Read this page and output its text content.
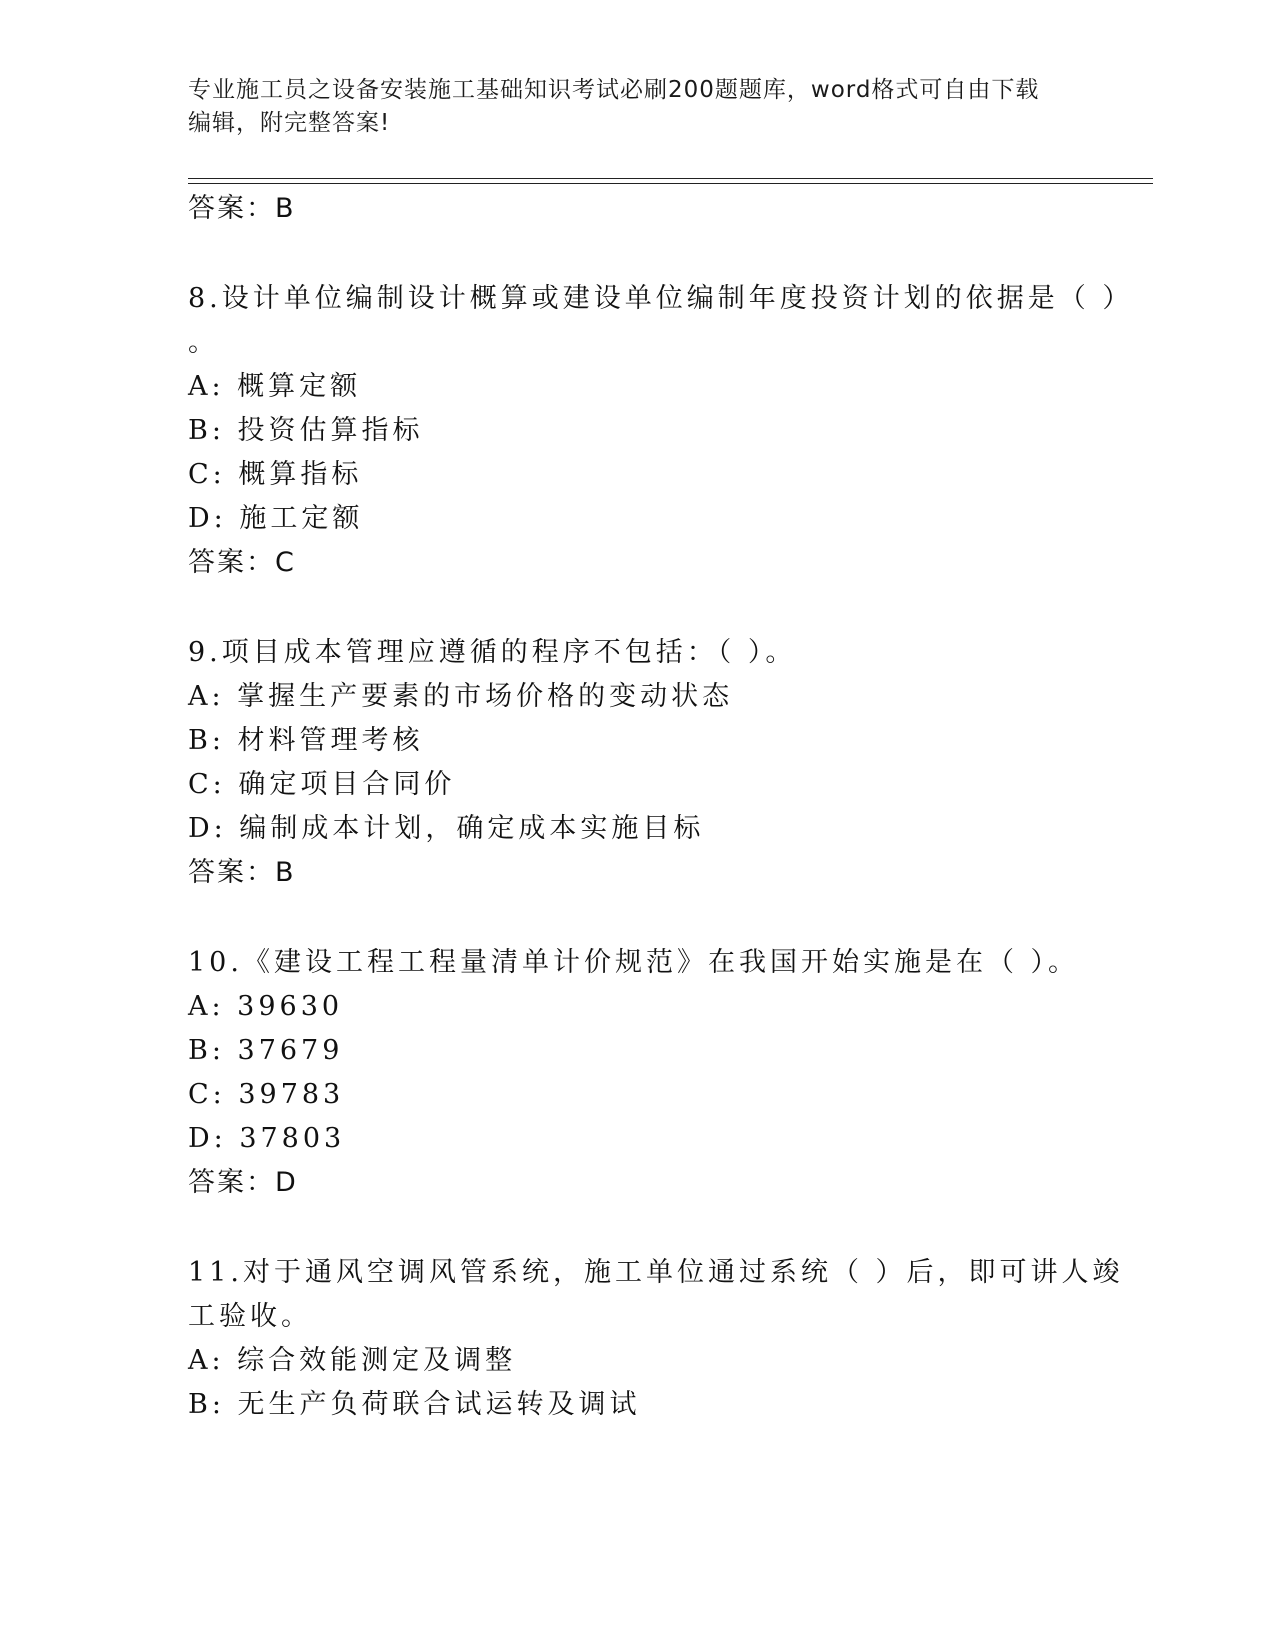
专业施工员之设备安装施工基础知识考试必刷200题题库，word格式可自由下载
编辑，附完整答案!
答案：B
8.设计单位编制设计概算或建设单位编制年度投资计划的依据是（ ）
。
A: 概算定额
B: 投资估算指标
C: 概算指标
D: 施工定额
答案：C
9.项目成本管理应遵循的程序不包括：（ ）。
A: 掌握生产要素的市场价格的变动状态
B: 材料管理考核
C: 确定项目合同价
D: 编制成本计划，确定成本实施目标
答案：B
10.《建设工程工程量清单计价规范》在我国开始实施是在（ ）。
A: 39630
B: 37679
C: 39783
D: 37803
答案：D
11.对于通风空调风管系统，施工单位通过系统（ ）后，即可讲人竣
工验收。
A: 综合效能测定及调整
B: 无生产负荷联合试运转及调试
